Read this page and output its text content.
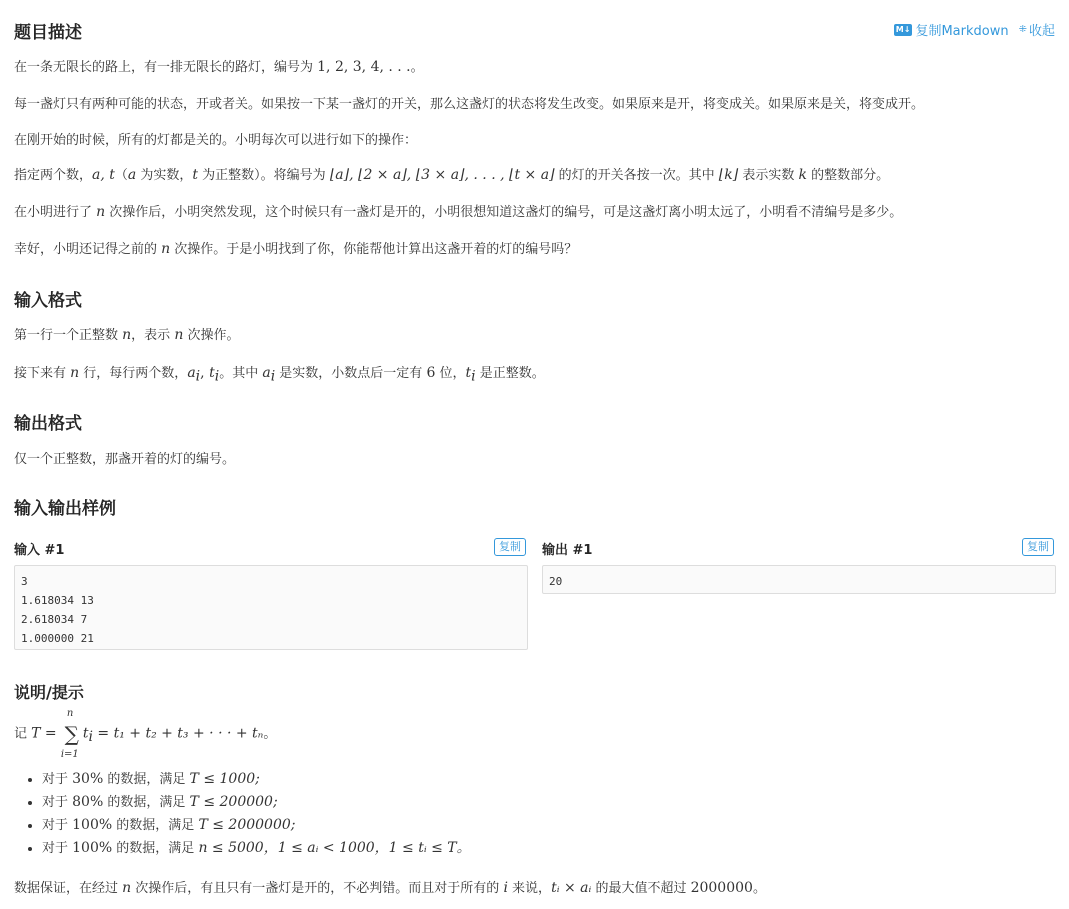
题目描述	M↓ 复制Markdown ⁜ 收起
在一条无限长的路上，有一排无限长的路灯，编号为 1, 2, 3, 4, . . .。
每一盏灯只有两种可能的状态，开或者关。如果按一下某一盏灯的开关，那么这盏灯的状态将发生改变。如果原来是开，将变成关。如果原来是关，将变成开。
在刚开始的时候，所有的灯都是关的。小明每次可以进行如下的操作：
指定两个数，a, t（a 为实数，t 为正整数）。将编号为 ⌊a⌋, ⌊2 × a⌋, ⌊3 × a⌋, . . . , ⌊t × a⌋ 的灯的开关各按一次。其中 ⌊k⌋ 表示实数 k 的整数部分。
在小明进行了 n 次操作后，小明突然发现，这个时候只有一盏灯是开的，小明很想知道这盏灯的编号，可是这盏灯离小明太远了，小明看不清编号是多少。
幸好，小明还记得之前的 n 次操作。于是小明找到了你，你能帮他计算出这盏开着的灯的编号吗？
输入格式
第一行一个正整数 n，表示 n 次操作。
接下来有 n 行，每行两个数，$a_i$, $t_i$。其中 $a_i$ 是实数，小数点后一定有 6 位，$t_i$ 是正整数。
输出格式
仅一个正整数，那盏开着的灯的编号。
输入输出样例
输入 #1	复制
3
1.618034 13
2.618034 7
1.000000 21
输出 #1	复制
20
说明/提示
记 T =
n
∑
i=1
$t_i = t_1 + t_2 + t_3$ + · · · + tₙ。
• 对于 30% 的数据，满足 T ≤ 1000;
• 对于 80% 的数据，满足 T ≤ 200000;
• 对于 100% 的数据，满足 T ≤ 2000000;
• 对于 100% 的数据，满足 n ≤ 5000，1 ≤ aᵢ < 1000，1 ≤ tᵢ ≤ T。
数据保证，在经过 n 次操作后，有且只有一盏灯是开的，不必判错。而且对于所有的 i 来说，tᵢ × aᵢ 的最大值不超过 2000000。
